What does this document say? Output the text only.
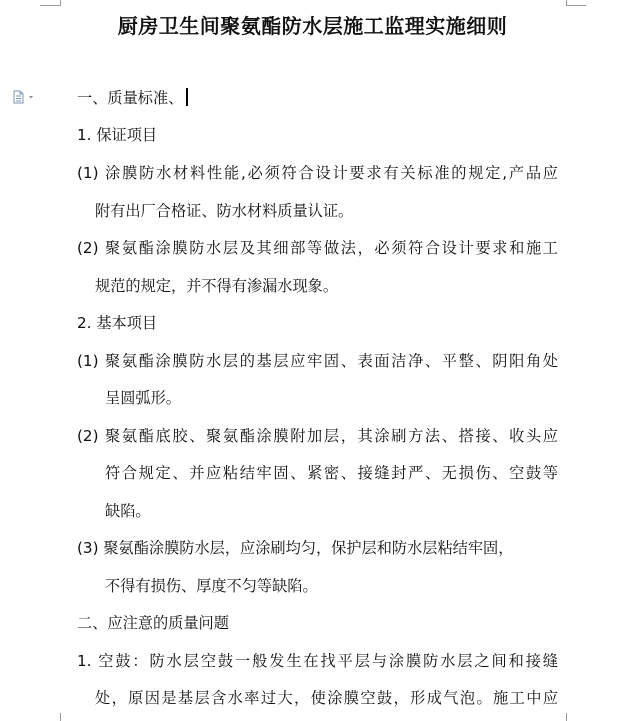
厨房卫生间聚氨酯防水层施工监理实施细则
一、质量标准、
1. 保证项目
(1) 涂膜防水材料性能,必须符合设计要求有关标准的规定,产品应
附有出厂合格证、防水材料质量认证。
(2) 聚氨酯涂膜防水层及其细部等做法，必须符合设计要求和施工
规范的规定，并不得有渗漏水现象。
2. 基本项目
(1) 聚氨酯涂膜防水层的基层应牢固、表面洁净、平整、阴阳角处
呈圆弧形。
(2) 聚氨酯底胶、聚氨酯涂膜附加层，其涂刷方法、搭接、收头应
符合规定、并应粘结牢固、紧密、接缝封严、无损伤、空鼓等
缺陷。
(3) 聚氨酯涂膜防水层，应涂刷均匀，保护层和防水层粘结牢固，
不得有损伤、厚度不匀等缺陷。
二、应注意的质量问题
1. 空鼓：防水层空鼓一般发生在找平层与涂膜防水层之间和接缝
处，原因是基层含水率过大，使涂膜空鼓，形成气泡。施工中应
